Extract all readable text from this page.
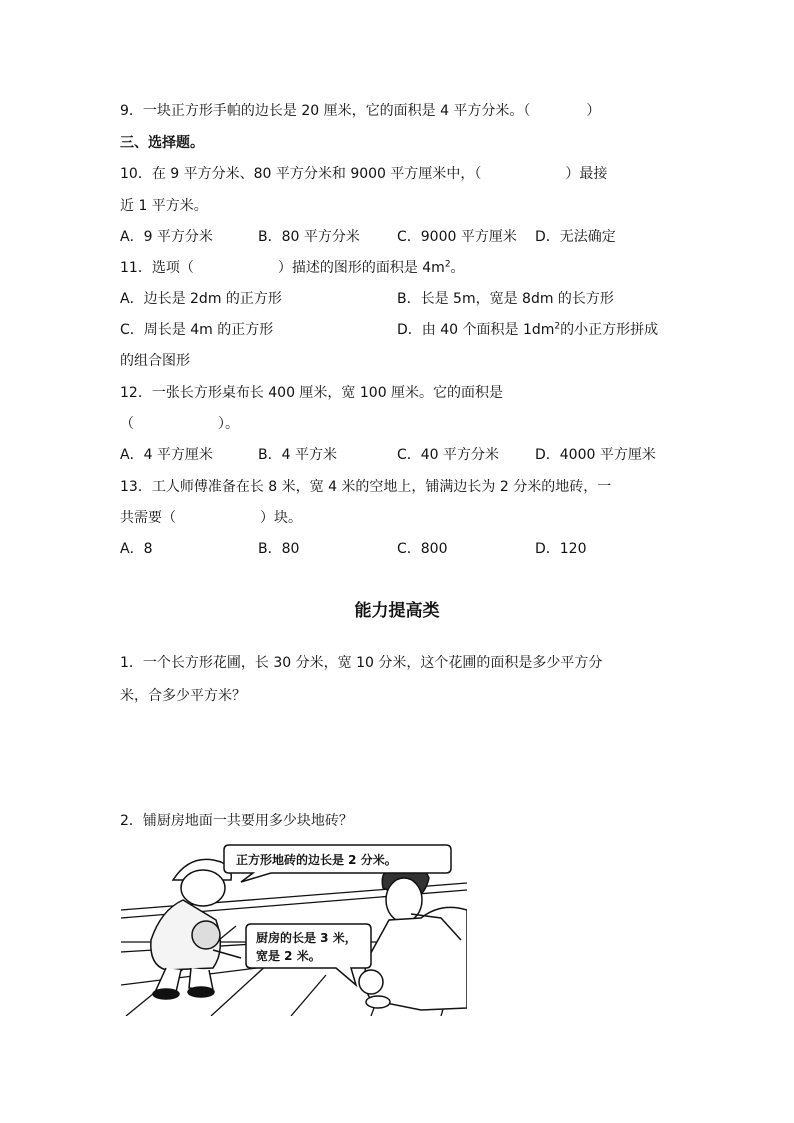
9．一块正方形手帕的边长是 20 厘米，它的面积是 4 平方分米。（　　　　）
三、选择题。
10．在 9 平方分米、80 平方分米和 9000 平方厘米中，（　　　　　　）最接
近 1 平方米。
A．9 平方分米	B．80 平方分米	C．9000 平方厘米 D．无法确定
11．选项（　　　　　　）描述的图形的面积是 $4m^2$。
A．边长是 2dm 的正方形	B．长是 5m，宽是 8dm 的长方形
C．周长是 4m 的正方形	D．由 40 个面积是 $1dm^2$的小正方形拼成
的组合图形
12．一张长方形桌布长 400 厘米，宽 100 厘米。它的面积是
（　　　　　　）。
A．4 平方厘米	B．4 平方米	C．40 平方分米	D．4000 平方厘米
13．工人师傅准备在长 8 米，宽 4 米的空地上，铺满边长为 2 分米的地砖，一
共需要（　　　　　　）块。
A．8	B．80	C．800	D．120
能力提高类
1．一个长方形花圃，长 30 分米，宽 10 分米，这个花圃的面积是多少平方分
米，合多少平方米？
2．铺厨房地面一共要用多少块地砖？
正方形地砖的边长是 2 分米。
厨房的长是 3 米，
宽是 2 米。
